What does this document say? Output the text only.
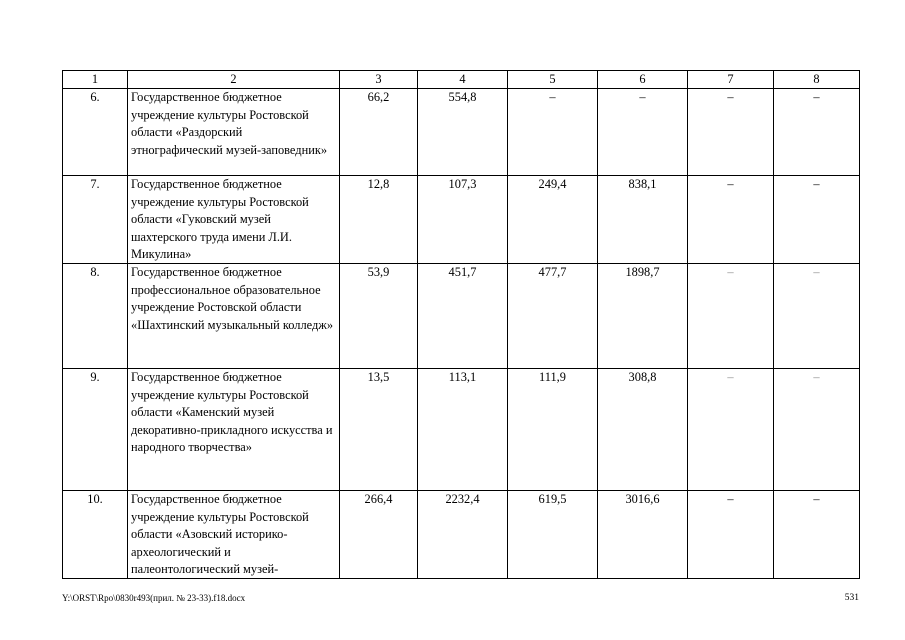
1	2	3	4	5	6	7	8
6.	Государственное бюджетное учреждение культуры Ростовской области «Раздорский этнографический музей-заповедник»	66,2	554,8	–	–	–	–
7.	Государственное бюджетное учреждение культуры Ростовской области «Гуковский музей шахтерского труда имени Л.И. Микулина»	12,8	107,3	249,4	838,1	–	–
8.	Государственное бюджетное профессиональное образовательное учреждение Ростовской области «Шахтинский музыкальный колледж»	53,9	451,7	477,7	1898,7	–	–
9.	Государственное бюджетное учреждение культуры Ростовской области «Каменский музей декоративно-прикладного искусства и народного творчества»	13,5	113,1	111,9	308,8	–	–
10.	Государственное бюджетное учреждение культуры Ростовской области «Азовский историко-археологический и палеонтологический музей-	266,4	2232,4	619,5	3016,6	–	–
Y:\ORST\Rpo\0830r493(прил. № 23-33).f18.docx	531
